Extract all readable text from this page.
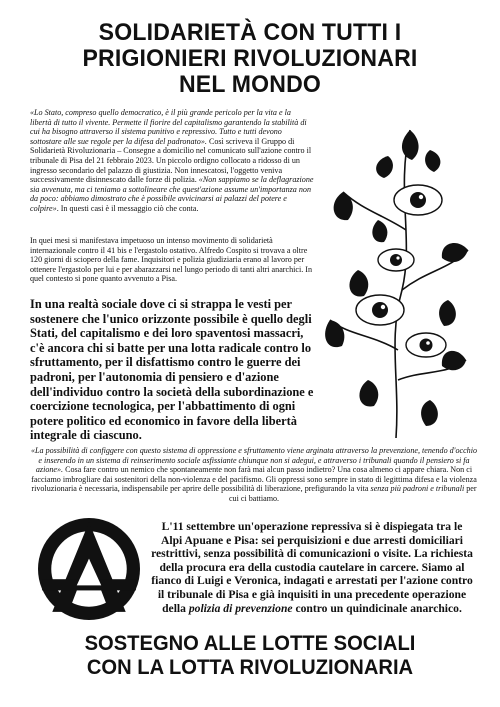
SOLIDARIETÀ CON TUTTI I
PRIGIONIERI RIVOLUZIONARI
NEL MONDO

«Lo Stato, compreso quello democratico, è il più grande pericolo per la vita e la libertà di tutto il vivente. Permette il fiorire del capitalismo garantendo la stabilità di cui ha bisogno attraverso il sistema punitivo e repressivo. Tutto e tutti devono sottostare alle sue regole per la difesa del padronato». Così scriveva il Gruppo di Solidarietà Rivoluzionaria – Consegne a domicilio nel comunicato sull'azione contro il tribunale di Pisa del 21 febbraio 2023. Un piccolo ordigno collocato a ridosso di un ingresso secondario del palazzo di giustizia. Non innescatosi, l'oggetto veniva successivamente disinnescato dalle forze di polizia. «Non sappiamo se la deflagrazione sia avvenuta, ma ci teniamo a sottolineare che quest'azione assume un'importanza non da poco: abbiamo dimostrato che è possibile avvicinarsi ai palazzi del potere e colpire». In questi casi è il messaggio ciò che conta.

In quei mesi si manifestava impetuoso un intenso movimento di solidarietà internazionale contro il 41 bis e l'ergastolo ostativo. Alfredo Cospito si trovava a oltre 120 giorni di sciopero della fame. Inquisitori e polizia giudiziaria erano al lavoro per ottenere l'ergastolo per lui e per abarazzarsi nel lungo periodo di tanti altri anarchici. In quel contesto si pone quanto avvenuto a Pisa.

In una realtà sociale dove ci si strappa le vesti per sostenere che l'unico orizzonte possibile è quello degli Stati, del capitalismo e dei loro spaventosi massacri, c'è ancora chi si batte per una lotta radicale contro lo sfruttamento, per il disfattismo contro le guerre dei padroni, per l'autonomia di pensiero e d'azione dell'individuo contro la società della subordinazione e coercizione tecnologica, per l'abbattimento di ogni potere politico ed economico in favore della libertà integrale di ciascuno.

«La possibilità di configgere con questo sistema di oppressione e sfruttamento viene arginata attraverso la prevenzione, tenendo d'occhio e inserendo in un sistema di reinserimento sociale asfissiante chiunque non si adegui, e attraverso i tribunali quando il pensiero si fa azione». Cosa fare contro un nemico che spontaneamente non farà mai alcun passo indietro? Una cosa almeno ci appare chiara. Non ci facciamo imbrogliare dai sostenitori della non-violenza e del pacifismo. Gli oppressi sono sempre in stato di legittima difesa e la violenza rivoluzionaria è necessaria, indispensabile per aprire delle possibilità di liberazione, prefigurando la vita senza più padroni e tribunali per cui ci battiamo.

L'11 settembre un'operazione repressiva si è dispiegata tra le Alpi Apuane e Pisa: sei perquisizioni e due arresti domiciliari restrittivi, senza possibilità di comunicazioni o visite. La richiesta della procura era della custodia cautelare in carcere. Siamo al fianco di Luigi e Veronica, indagati e arrestati per l'azione contro il tribunale di Pisa e già inquisiti in una precedente operazione della polizia di prevenzione contro un quindicinale anarchico.

SOSTEGNO ALLE LOTTE SOCIALI
CON LA LOTTA RIVOLUZIONARIA
